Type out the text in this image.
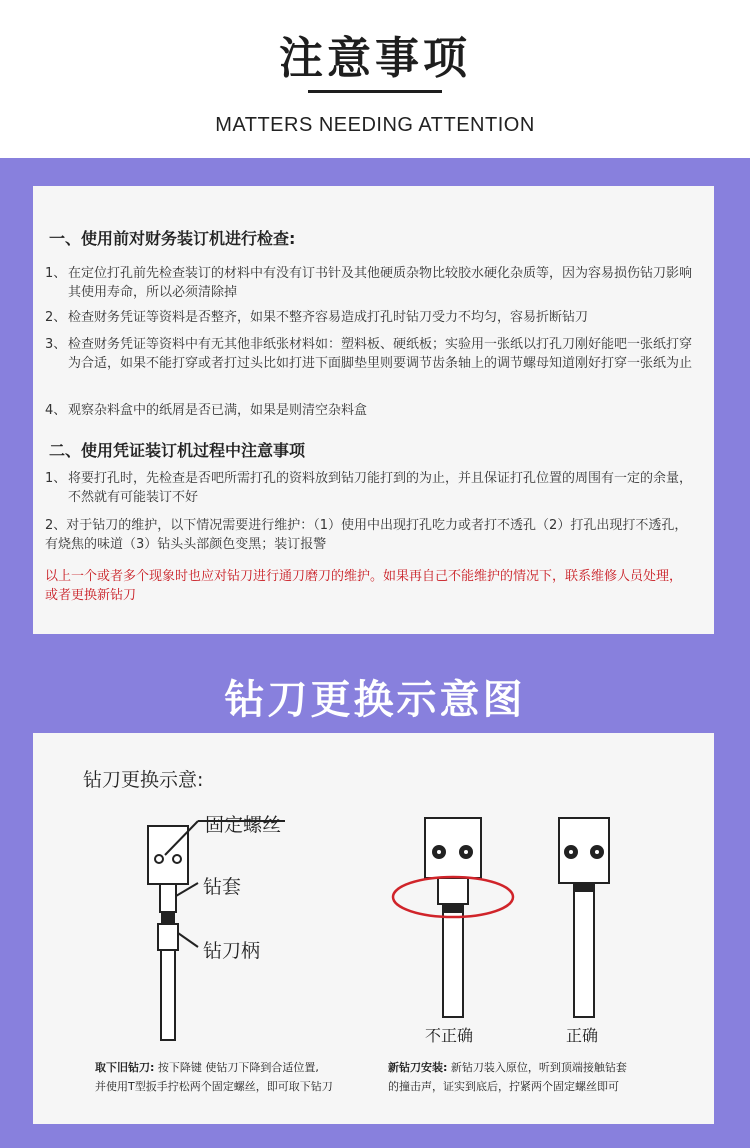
注意事项
MATTERS NEEDING ATTENTION
一、使用前对财务装订机进行检查:
1、 在定位打孔前先检查装订的材料中有没有订书针及其他硬质杂物比较胶水硬化杂质等，因为容易损伤钻刀影响其使用寿命，所以必须清除掉
2、 检查财务凭证等资料是否整齐，如果不整齐容易造成打孔时钻刀受力不均匀，容易折断钻刀
3、 检查财务凭证等资料中有无其他非纸张材料如：塑料板、硬纸板；实验用一张纸以打孔刀刚好能吧一张纸打穿为合适，如果不能打穿或者打过头比如打进下面脚垫里则要调节齿条轴上的调节螺母知道刚好打穿一张纸为止
4、 观察杂料盒中的纸屑是否已满，如果是则清空杂料盒
二、使用凭证装订机过程中注意事项
1、 将要打孔时，先检查是否吧所需打孔的资料放到钻刀能打到的为止，并且保证打孔位置的周围有一定的余量，不然就有可能装订不好
2、对于钻刀的维护，以下情况需要进行维护：（1）使用中出现打孔吃力或者打不透孔（2）打孔出现打不透孔，有烧焦的味道（3）钻头头部颜色变黑；装订报警
以上一个或者多个现象时也应对钻刀进行通刀磨刀的维护。如果再自己不能维护的情况下，联系维修人员处理，或者更换新钻刀
钻刀更换示意图
钻刀更换示意:
固定螺丝
钻套
钻刀柄
不正确	正确
取下旧钻刀: 按下降键 使钻刀下降到合适位置,
并使用T型扳手拧松两个固定螺丝，即可取下钻刀
新钻刀安装: 新钻刀装入原位，听到顶端接触钻套
的撞击声，证实到底后，拧紧两个固定螺丝即可
